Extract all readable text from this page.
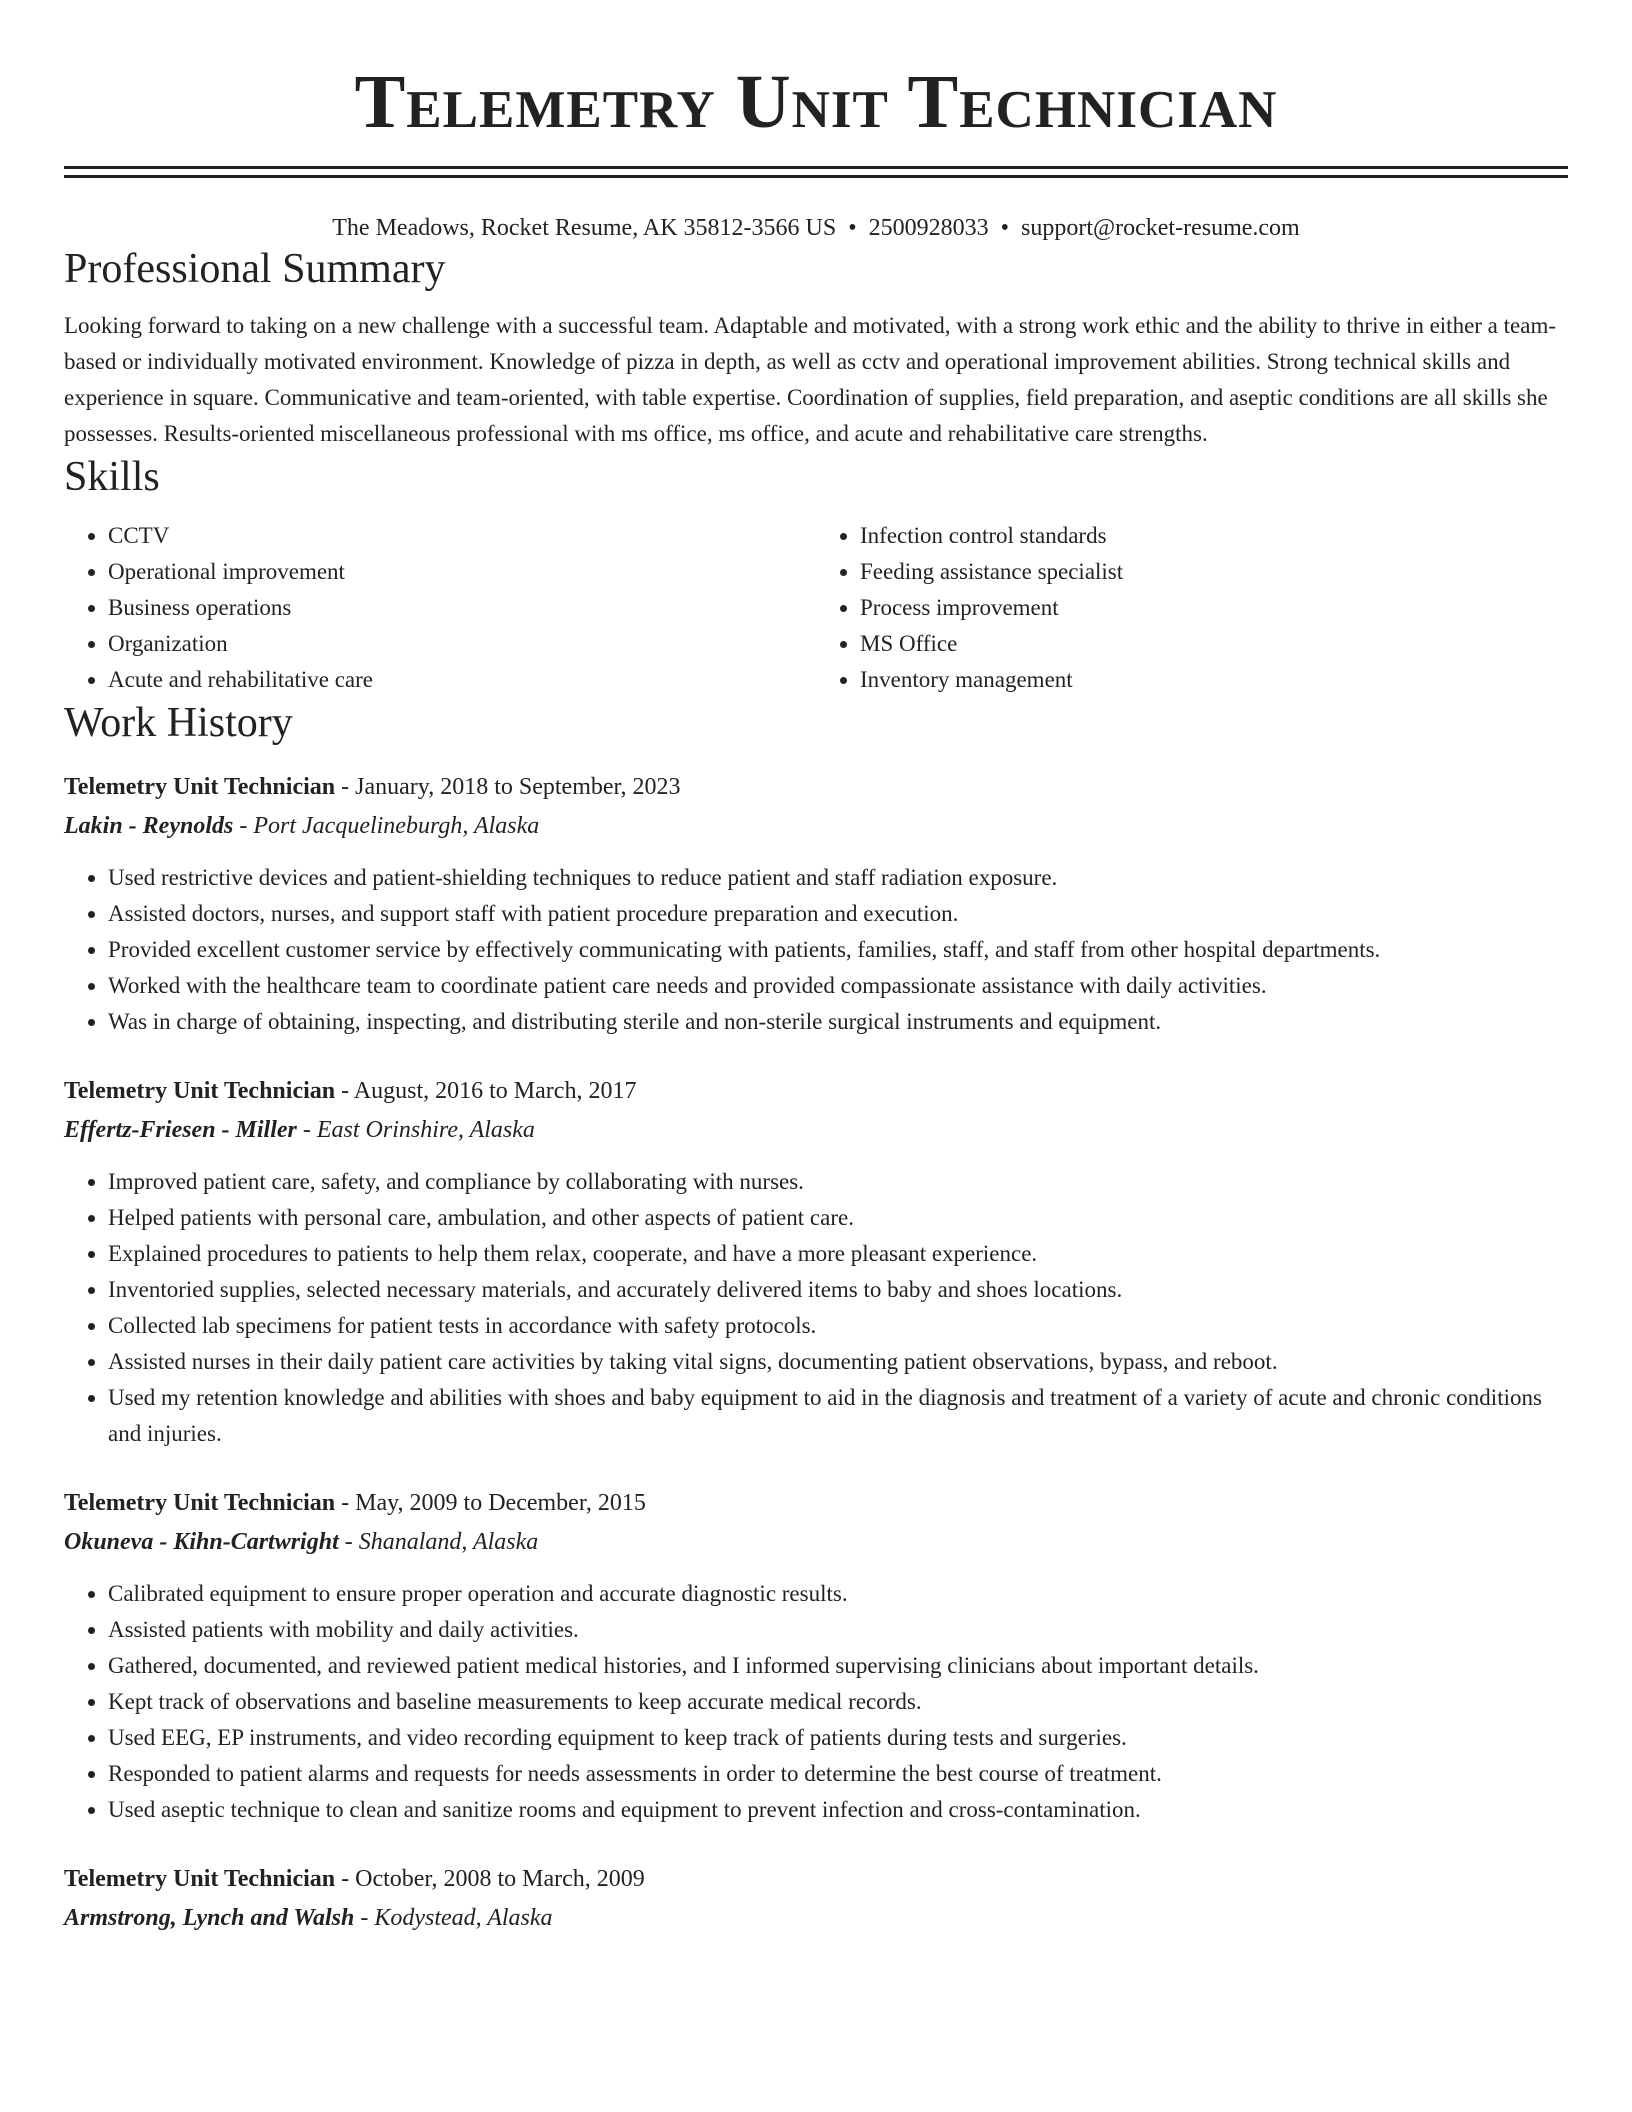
Telemetry Unit Technician
The Meadows, Rocket Resume, AK 35812-3566 US • 2500928033 • support@rocket-resume.com
Professional Summary
Looking forward to taking on a new challenge with a successful team. Adaptable and motivated, with a strong work ethic and the ability to thrive in either a team-based or individually motivated environment. Knowledge of pizza in depth, as well as cctv and operational improvement abilities. Strong technical skills and experience in square. Communicative and team-oriented, with table expertise. Coordination of supplies, field preparation, and aseptic conditions are all skills she possesses. Results-oriented miscellaneous professional with ms office, ms office, and acute and rehabilitative care strengths.
Skills
• CCTV
• Operational improvement
• Business operations
• Organization
• Acute and rehabilitative care
• Infection control standards
• Feeding assistance specialist
• Process improvement
• MS Office
• Inventory management
Work History
Telemetry Unit Technician - January, 2018 to September, 2023
Lakin - Reynolds - Port Jacquelineburgh, Alaska
• Used restrictive devices and patient-shielding techniques to reduce patient and staff radiation exposure.
• Assisted doctors, nurses, and support staff with patient procedure preparation and execution.
• Provided excellent customer service by effectively communicating with patients, families, staff, and staff from other hospital departments.
• Worked with the healthcare team to coordinate patient care needs and provided compassionate assistance with daily activities.
• Was in charge of obtaining, inspecting, and distributing sterile and non-sterile surgical instruments and equipment.
Telemetry Unit Technician - August, 2016 to March, 2017
Effertz-Friesen - Miller - East Orinshire, Alaska
• Improved patient care, safety, and compliance by collaborating with nurses.
• Helped patients with personal care, ambulation, and other aspects of patient care.
• Explained procedures to patients to help them relax, cooperate, and have a more pleasant experience.
• Inventoried supplies, selected necessary materials, and accurately delivered items to baby and shoes locations.
• Collected lab specimens for patient tests in accordance with safety protocols.
• Assisted nurses in their daily patient care activities by taking vital signs, documenting patient observations, bypass, and reboot.
• Used my retention knowledge and abilities with shoes and baby equipment to aid in the diagnosis and treatment of a variety of acute and chronic conditions and injuries.
Telemetry Unit Technician - May, 2009 to December, 2015
Okuneva - Kihn-Cartwright - Shanaland, Alaska
• Calibrated equipment to ensure proper operation and accurate diagnostic results.
• Assisted patients with mobility and daily activities.
• Gathered, documented, and reviewed patient medical histories, and I informed supervising clinicians about important details.
• Kept track of observations and baseline measurements to keep accurate medical records.
• Used EEG, EP instruments, and video recording equipment to keep track of patients during tests and surgeries.
• Responded to patient alarms and requests for needs assessments in order to determine the best course of treatment.
• Used aseptic technique to clean and sanitize rooms and equipment to prevent infection and cross-contamination.
Telemetry Unit Technician - October, 2008 to March, 2009
Armstrong, Lynch and Walsh - Kodystead, Alaska
